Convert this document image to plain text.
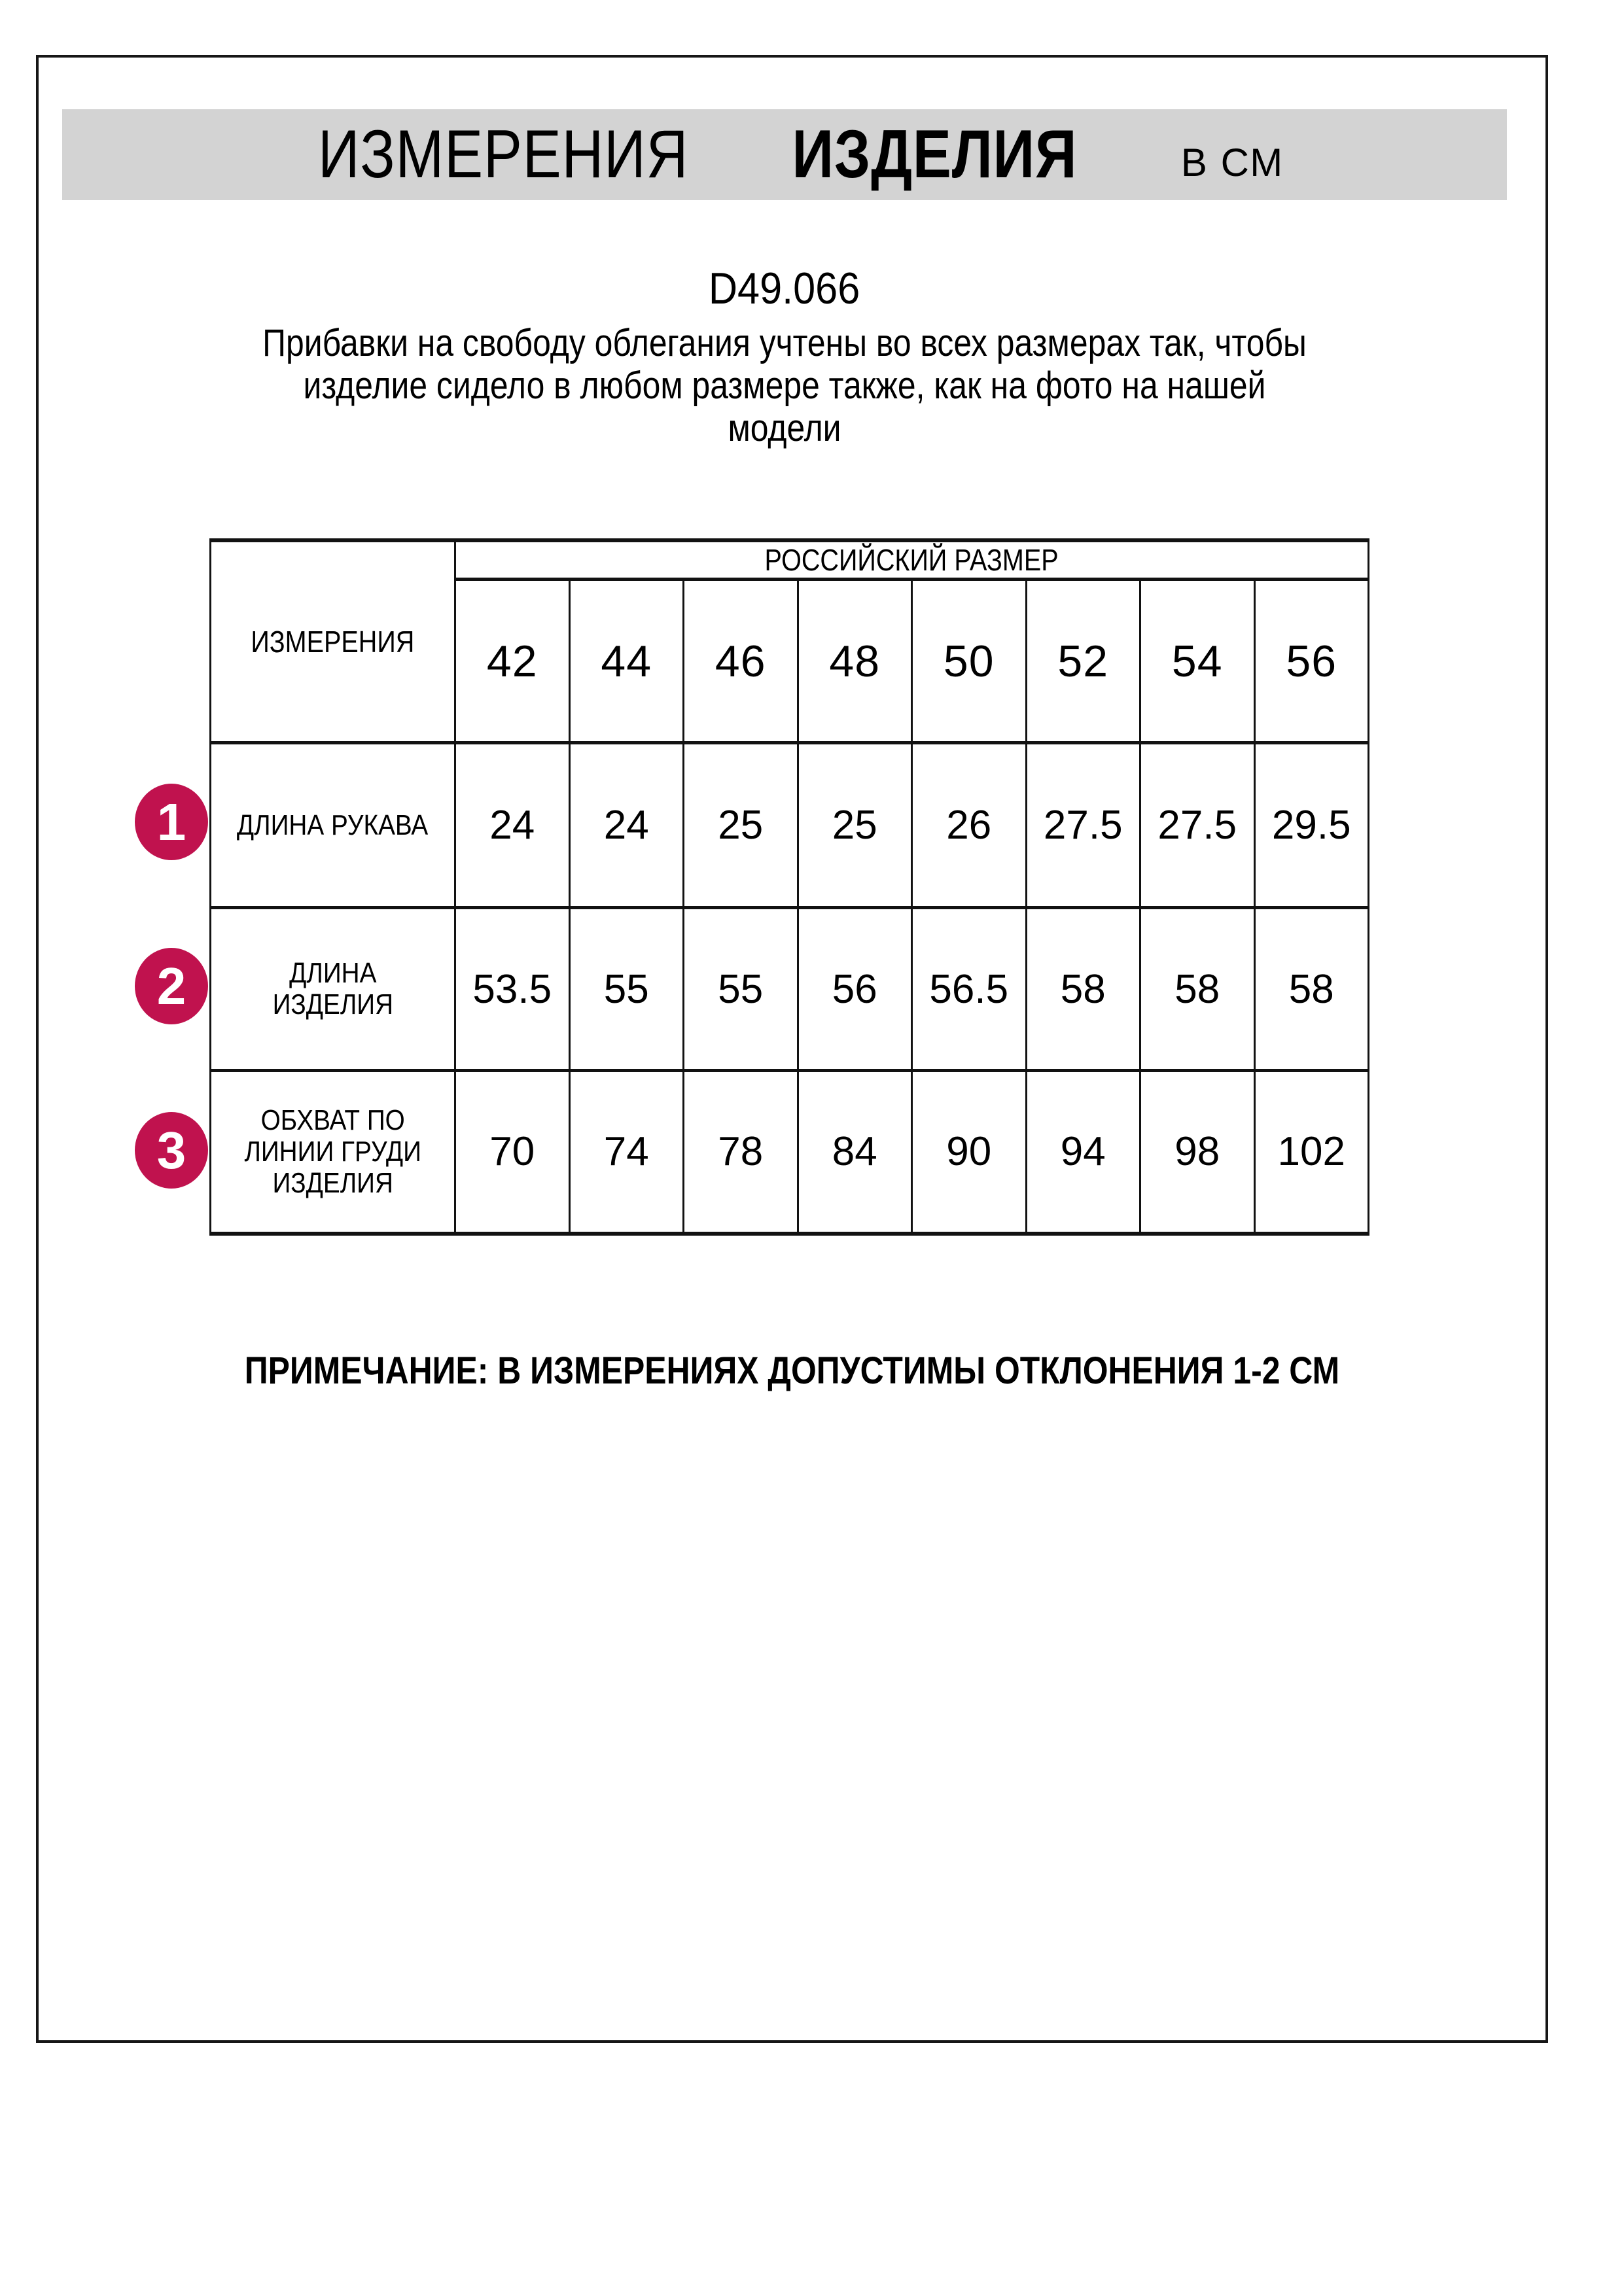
ИЗМЕРЕНИЯ ИЗДЕЛИЯ	В СМ
D49.066
Прибавки на свободу облегания учтены во всех размерах так, чтобы
изделие сидело в любом размере также, как на фото на нашей
модели
ИЗМЕРЕНИЯ	РОССИЙСКИЙ РАЗМЕР							
	42	44	46	48	50	52	54	56
ДЛИНА РУКАВА	24	24	25	25	26	27.5	27.5	29.5

ДЛИНА
ИЗДЕЛИЯ	53.5	55	55	56	56.5	58	58	58

ОБХВАТ ПО
ЛИНИИ ГРУДИ
ИЗДЕЛИЯ	70	74	78	84	90	94	98	102
1
2
3
ПРИМЕЧАНИЕ: В ИЗМЕРЕНИЯХ ДОПУСТИМЫ ОТКЛОНЕНИЯ 1-2 СМ
